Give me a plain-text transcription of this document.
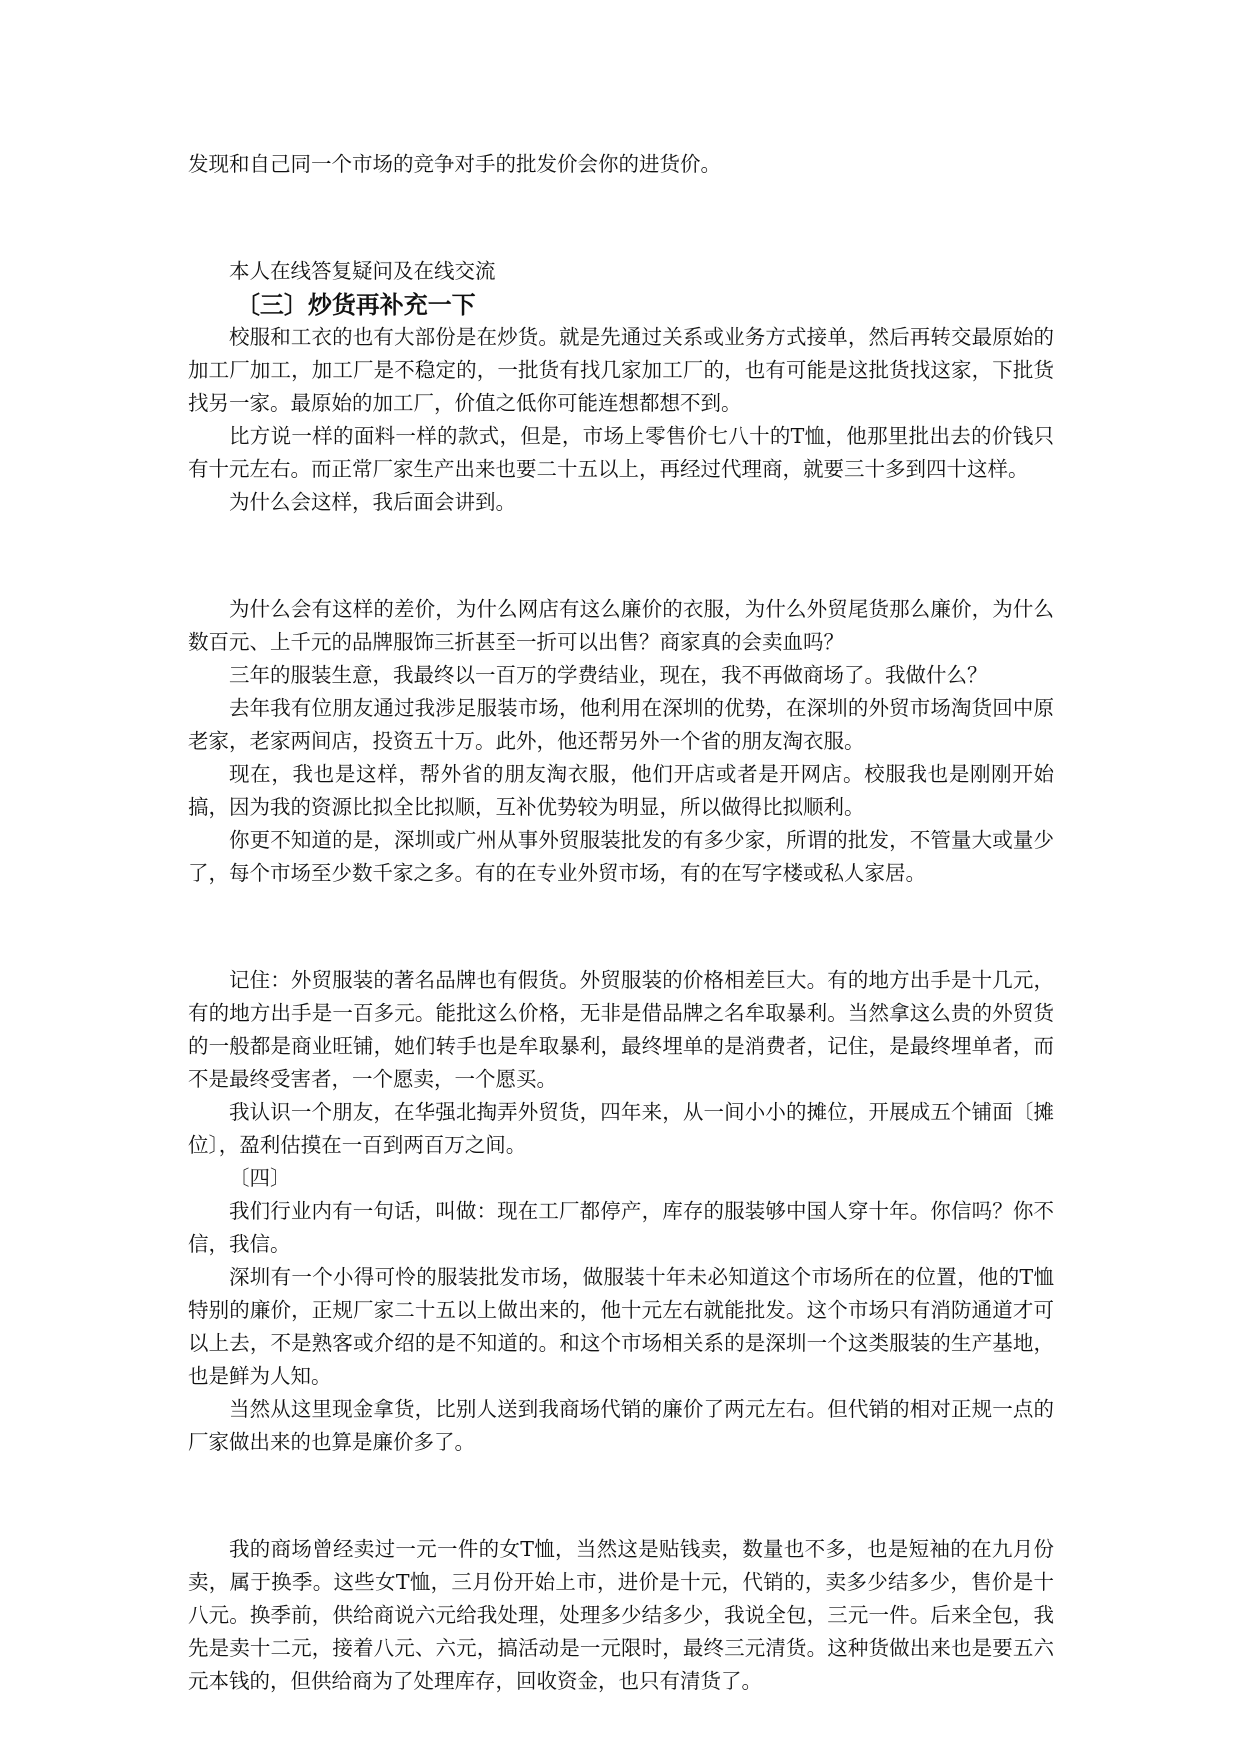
发现和自己同一个市场的竞争对手的批发价会你的进货价。

本人在线答复疑问及在线交流

〔三〕炒货再补充一下

校服和工衣的也有大部份是在炒货。就是先通过关系或业务方式接单，然后再转交最原始的加工厂加工，加工厂是不稳定的，一批货有找几家加工厂的，也有可能是这批货找这家，下批货找另一家。最原始的加工厂，价值之低你可能连想都想不到。

比方说一样的面料一样的款式，但是，市场上零售价七八十的T恤，他那里批出去的价钱只有十元左右。而正常厂家生产出来也要二十五以上，再经过代理商，就要三十多到四十这样。

为什么会这样，我后面会讲到。

为什么会有这样的差价，为什么网店有这么廉价的衣服，为什么外贸尾货那么廉价，为什么数百元、上千元的品牌服饰三折甚至一折可以出售？商家真的会卖血吗？

三年的服装生意，我最终以一百万的学费结业，现在，我不再做商场了。我做什么？

去年我有位朋友通过我涉足服装市场，他利用在深圳的优势，在深圳的外贸市场淘货回中原老家，老家两间店，投资五十万。此外，他还帮另外一个省的朋友淘衣服。

现在，我也是这样，帮外省的朋友淘衣服，他们开店或者是开网店。校服我也是刚刚开始搞，因为我的资源比拟全比拟顺，互补优势较为明显，所以做得比拟顺利。

你更不知道的是，深圳或广州从事外贸服装批发的有多少家，所谓的批发，不管量大或量少了，每个市场至少数千家之多。有的在专业外贸市场，有的在写字楼或私人家居。

记住：外贸服装的著名品牌也有假货。外贸服装的价格相差巨大。有的地方出手是十几元，有的地方出手是一百多元。能批这么价格，无非是借品牌之名牟取暴利。当然拿这么贵的外贸货的一般都是商业旺铺，她们转手也是牟取暴利，最终埋单的是消费者，记住，是最终埋单者，而不是最终受害者，一个愿卖，一个愿买。

我认识一个朋友，在华强北掏弄外贸货，四年来，从一间小小的摊位，开展成五个铺面〔摊位〕，盈利估摸在一百到两百万之间。

〔四〕

我们行业内有一句话，叫做：现在工厂都停产，库存的服装够中国人穿十年。你信吗？你不信，我信。

深圳有一个小得可怜的服装批发市场，做服装十年未必知道这个市场所在的位置，他的T恤特别的廉价，正规厂家二十五以上做出来的，他十元左右就能批发。这个市场只有消防通道才可以上去，不是熟客或介绍的是不知道的。和这个市场相关系的是深圳一个这类服装的生产基地，也是鲜为人知。

当然从这里现金拿货，比别人送到我商场代销的廉价了两元左右。但代销的相对正规一点的厂家做出来的也算是廉价多了。

我的商场曾经卖过一元一件的女T恤，当然这是贴钱卖，数量也不多，也是短袖的在九月份卖，属于换季。这些女T恤，三月份开始上市，进价是十元，代销的，卖多少结多少，售价是十八元。换季前，供给商说六元给我处理，处理多少结多少，我说全包，三元一件。后来全包，我先是卖十二元，接着八元、六元，搞活动是一元限时，最终三元清货。这种货做出来也是要五六元本钱的，但供给商为了处理库存，回收资金，也只有清货了。
